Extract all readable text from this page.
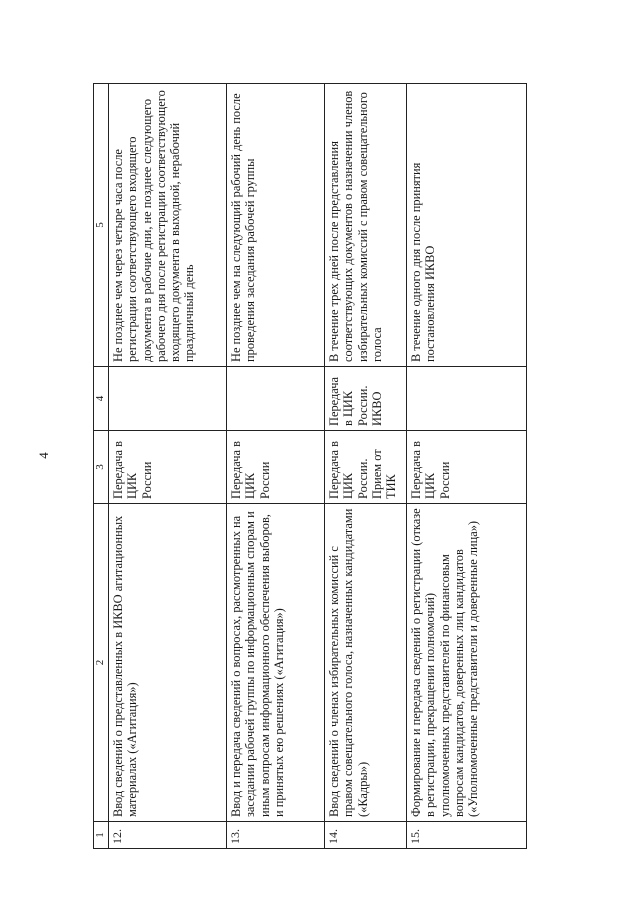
4
1	2	3	4	5
12.	Ввод сведений о представленных в ИКВО агитационных материалах («Агитация»)	Передача в ЦИК России		Не позднее чем через четыре часа после регистрации соответствующего входящего документа в рабочие дни, не позднее следующего рабочего дня после регистрации соответствующего входящего документа в выходной, нерабочий праздничный день
13.	Ввод и передача сведений о вопросах, рассмотренных на заседании рабочей группы по информационным спорам и иным вопросам информационного обеспечения выборов, и принятых ею решениях («Агитация»)	Передача в ЦИК России		Не позднее чем на следующий рабочий день после проведения заседания рабочей группы
14.	Ввод сведений о членах избирательных комиссий с правом совещательного голоса, назначенных кандидатами («Кадры»)	Передача в ЦИК России. Прием от ТИК	Передача в ЦИК России. ИКВО	В течение трех дней после представления соответствующих документов о назначении членов избирательных комиссий с правом совещательного голоса
15.	Формирование и передача сведений о регистрации (отказе в регистрации, прекращении полномочий) уполномоченных представителей по финансовым вопросам кандидатов, доверенных лиц кандидатов («Уполномоченные представители и доверенные лица»)	Передача в ЦИК России		В течение одного дня после принятия постановления ИКВО
